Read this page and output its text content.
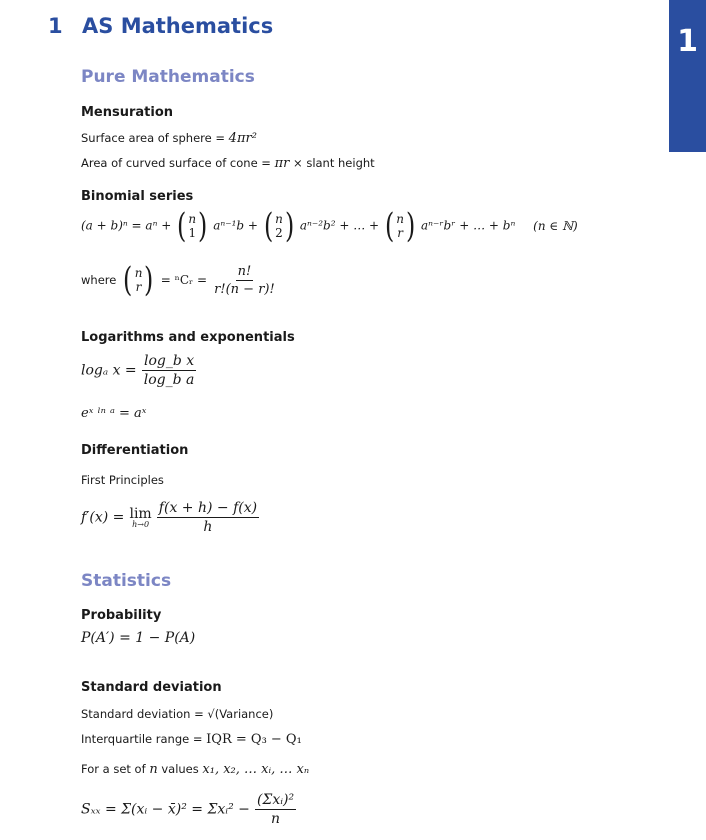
1
1 AS Mathematics
Pure Mathematics
Mensuration
Surface area of sphere = 4πr²
Area of curved surface of cone = πr × slant height
Binomial series
(a + b)ⁿ = aⁿ + ( n
1 ) aⁿ⁻¹b + ( n
2 ) aⁿ⁻²b² + … + ( n
r ) aⁿ⁻ʳbʳ + … + bⁿ (n ∈ ℕ)
where ( n
r ) = ⁿCᵣ = $\frac{n!}{r!(n - r)!}$
Logarithms and exponentials
logₐ $x = \frac{\text{log\_b x}}{\text{log\_b a}}$
eˣ ˡⁿ ᵃ = aˣ
Differentiation
First Principles
f′(x) = lim
h→0
$\frac{f(x + h) - f(x)}{h}$
Statistics
Probability
P(A′) = 1 − P(A)
Standard deviation
Standard deviation = √(Variance)
Interquartile range = IQR = Q₃ − Q₁
For a set of n values x₁, x₂, … xᵢ, … xₙ
Sₓₓ = Σ(xᵢ − x̄)² = Σxᵢ² − $\frac{\text{(Σxᵢ)²}}{n}$
